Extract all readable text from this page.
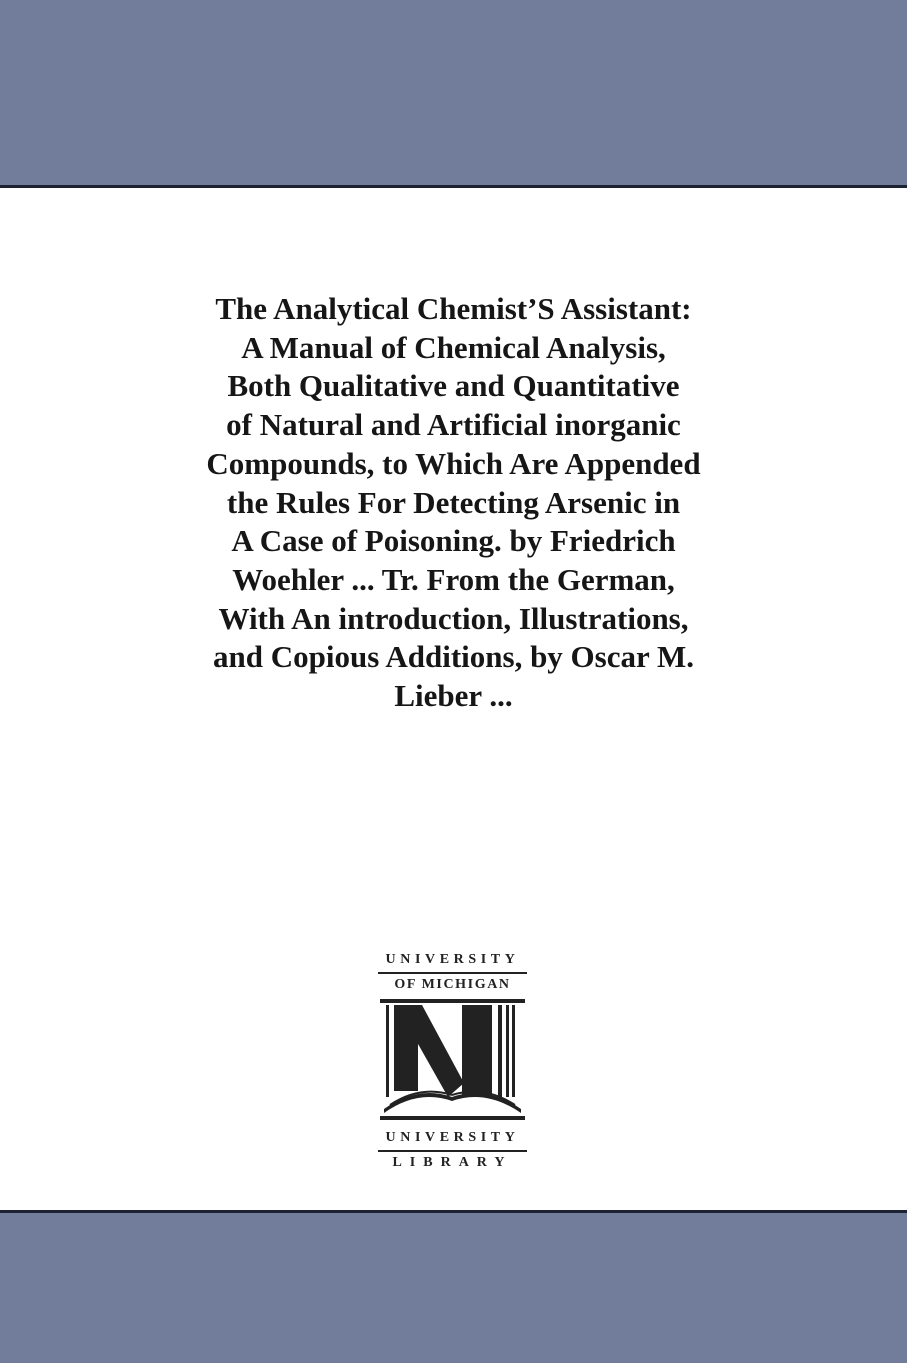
The Analytical Chemist’S Assistant:
A Manual of Chemical Analysis,
Both Qualitative and Quantitative
of Natural and Artificial inorganic
Compounds, to Which Are Appended
the Rules For Detecting Arsenic in
A Case of Poisoning. by Friedrich
Woehler ... Tr. From the German,
With An introduction, Illustrations,
and Copious Additions, by Oscar M.
Lieber ...
UNIVERSITY
OF MICHIGAN
UNIVERSITY
LIBRARY
